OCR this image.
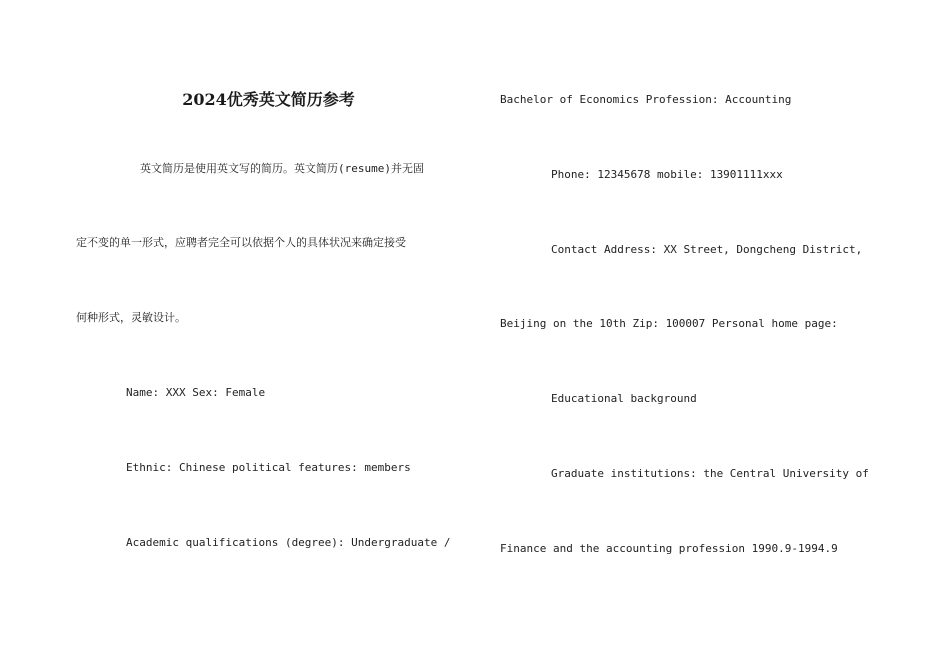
2024优秀英文简历参考
英文简历是使用英文写的简历。英文简历(resume)并无固
定不变的单一形式，应聘者完全可以依据个人的具体状况来确定接受
何种形式，灵敏设计。
Name: XXX Sex: Female
Ethnic: Chinese political features: members
Academic qualifications (degree): Undergraduate /
Bachelor of Economics Profession: Accounting
Phone: 12345678 mobile: 13901111xxx
Contact Address: XX Street, Dongcheng District,
Beijing on the 10th Zip: 100007 Personal home page:
Educational background
Graduate institutions: the Central University of
Finance and the accounting profession 1990.9-1994.9
